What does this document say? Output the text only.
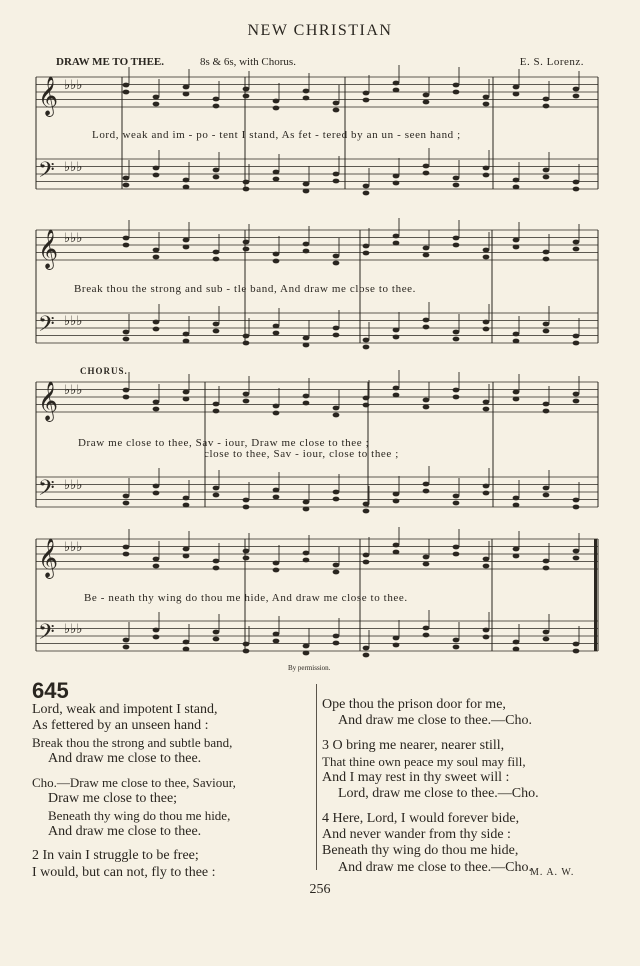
NEW CHRISTIAN
DRAW ME TO THEE.	8s & 6s, with Chorus.	E. S. Lorenz.
𝄞 ♭♭♭
𝄢 ♭♭♭
𝄞 ♭♭♭
𝄢 ♭♭♭
𝄞 ♭♭♭
𝄢 ♭♭♭
𝄞 ♭♭♭
𝄢 ♭♭♭
CHORUS.
Lord, weak and im - po - tent I stand, As fet - tered by an un - seen hand ;
Break thou the strong and sub - tle band, And draw me close to thee.
Draw me close to thee, Sav - iour, Draw me close to thee ;
close to thee, Sav - iour, close to thee ;
Be - neath thy wing do thou me hide, And draw me close to thee.
By permission.
645
Lord, weak and impotent I stand,
As fettered by an unseen hand :
Break thou the strong and subtle band,
And draw me close to thee.
Cho.—Draw me close to thee, Saviour,
Draw me close to thee;
Beneath thy wing do thou me hide,
And draw me close to thee.
2 In vain I struggle to be free;
I would, but can not, fly to thee :
Ope thou the prison door for me,
And draw me close to thee.—Cho.
3 O bring me nearer, nearer still,
That thine own peace my soul may fill,
And I may rest in thy sweet will :
Lord, draw me close to thee.—Cho.
4 Here, Lord, I would forever bide,
And never wander from thy side :
Beneath thy wing do thou me hide,
And draw me close to thee.—Cho.
M. A. W.
256
